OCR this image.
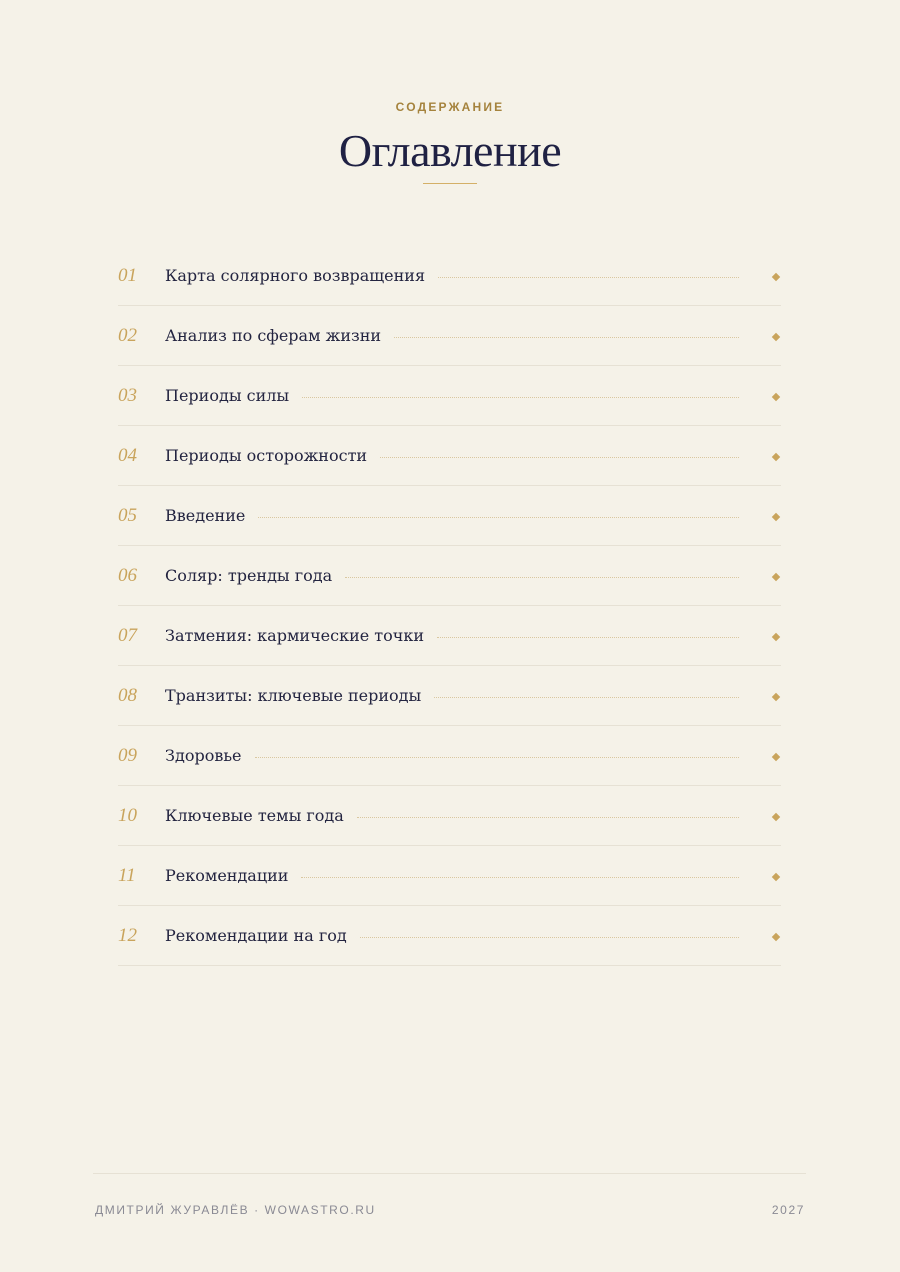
СОДЕРЖАНИЕ
Оглавление
01	Карта солярного возвращения
02	Анализ по сферам жизни
03	Периоды силы
04	Периоды осторожности
05	Введение
06	Соляр: тренды года
07	Затмения: кармические точки
08	Транзиты: ключевые периоды
09	Здоровье
10	Ключевые темы года
11	Рекомендации
12	Рекомендации на год
ДМИТРИЙ ЖУРАВЛЁВ · WOWASTRO.RU	2027
